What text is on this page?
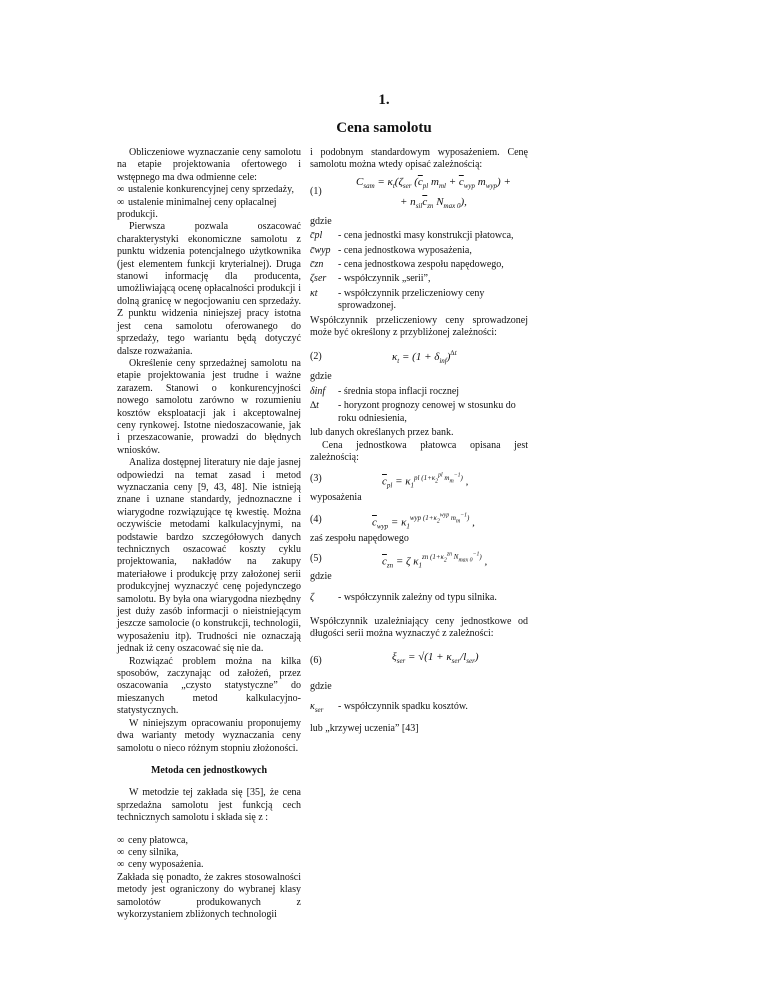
1.
Cena samolotu

Obliczeniowe wyznaczanie ceny samolotu na etapie projektowania ofertowego i wstępnego ma dwa odmienne cele:

∞ ustalenie konkurencyjnej ceny sprzedaży,

∞ ustalenie minimalnej ceny opłacalnej produkcji.

Pierwsza pozwala oszacować charakterystyki ekonomiczne samolotu z punktu widzenia potencjalnego użytkownika (jest elementem funkcji kryterialnej). Druga stanowi informację dla producenta, umożliwiającą ocenę opłacalności produkcji i dolną granicę w negocjowaniu cen sprzedaży. Z punktu widzenia niniejszej pracy istotna jest cena samolotu oferowanego do sprzedaży, tego wariantu będą dotyczyć dalsze rozważania.

Określenie ceny sprzedażnej samolotu na etapie projektowania jest trudne i ważne zarazem. Stanowi o konkurencyjności nowego samolotu zarówno w rozumieniu kosztów eksploatacji jak i akceptowalnej ceny rynkowej. Istotne niedoszacowanie, jak i przeszacowanie, prowadzi do błędnych wniosków.

Analiza dostępnej literatury nie daje jasnej odpowiedzi na temat zasad i metod wyznaczania ceny [9, 43, 48]. Nie istnieją znane i uznane standardy, jednoznaczne i wiarygodne rozwiązujące tę kwestię. Można oczywiście metodami kalkulacyjnymi, na podstawie bardzo szczegółowych danych technicznych oszacować koszty cyklu projektowania, nakładów na zakupy materiałowe i produkcję przy założonej serii produkcyjnej wyznaczyć cenę pojedynczego samolotu. By była ona wiarygodna niezbędny jest duży zasób informacji o nieistniejącym jeszcze samolocie (o konstrukcji, technologii, wyposażeniu itp). Trudności nie oznaczają jednak iż ceny oszacować się nie da.

Rozwiązać problem można na kilka sposobów, zaczynając od założeń, przez oszacowania „czysto statystyczne” do mieszanych metod kalkulacyjno-statystycznych.

W niniejszym opracowaniu proponujemy dwa warianty metody wyznaczania ceny samolotu o nieco różnym stopniu złożoności.

Metoda cen jednostkowych

W metodzie tej zakłada się [35], że cena sprzedażna samolotu jest funkcją cech technicznych samolotu i składa się z :

∞ ceny płatowca,

∞ ceny silnika,

∞ ceny wyposażenia.

Zakłada się ponadto, że zakres stosowalności metody jest ograniczony do wybranej klasy samolotów produkowanych z wykorzystaniem zbliżonych technologii

i podobnym standardowym wyposażeniem. Cenę samolotu można wtedy opisać zależnością:

(1)
$C_{sam} = \kappa_t(\zeta_{ser}$ ($\overline{c}_{pl}$ $m_{ml} + \overline{c}_{wyp}$ $m_{wyp}$) +
+ $n_{sil}\overline{c}_{zn}$ $N_{max 0}$),

gdzie

c̄pl	- cena jednostki masy konstrukcji płatowca,
c̄wyp - cena jednostkowa wyposażenia,
c̄zn	- cena jednostkowa zespołu napędowego,
ζser	- współczynnik „serii”,
κt	- współczynnik przeliczeniowy ceny sprowadzonej.

Współczynnik przeliczeniowy ceny sprowadzonej może być określony z przybliżonej zależności:

(2)	$\kappa_t = (1 + \delta_{inf})^{\Delta t}$

gdzie

δinf	- średnia stopa inflacji rocznej
∆t	- horyzont prognozy cenowej w stosunku do roku odniesienia,

lub danych określanych przez bank.

Cena jednostkowa płatowca opisana jest zależnością:

(3)	$\overline{c}_{pl} = \kappa_1^{pl (1+\kappa_2^{pl} m_m^{-1})}$ ,

wyposażenia

(4)	$\overline{c}_{wyp} = \kappa_1^{wyp (1+\kappa_2^{wyp} m_m^{-1})}$ ,

zaś zespołu napędowego

(5)	$\overline{c}_{zn} = \zeta$ $\kappa_1^{zn (1+\kappa_2^{zn} N_{max 0}^{-1})}$ ,

gdzie

ζ	- współczynnik zależny od typu silnika.

Współczynnik uzależniający ceny jednostkowe od długości serii można wyznaczyć z zależności:

(6)	$\xi_{ser} = √(1 + \kappa_{ser}/l_{ser})$

gdzie

$\kappa_{ser}$	- współczynnik spadku kosztów.

lub „krzywej uczenia” [43]
